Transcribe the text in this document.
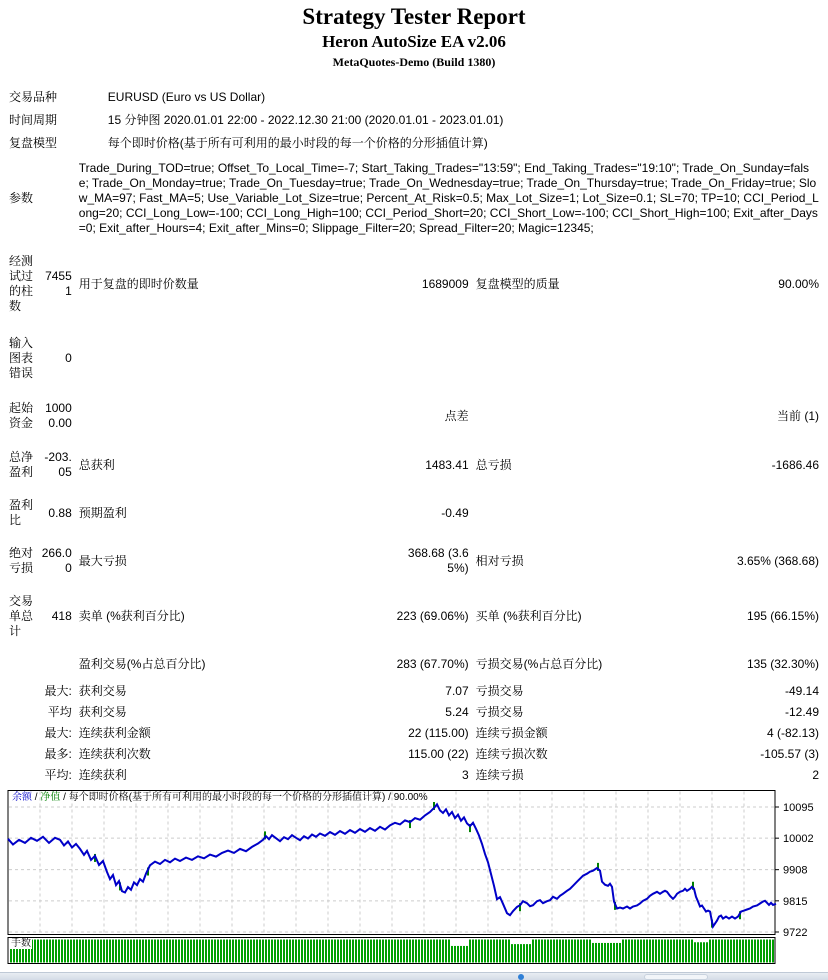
Strategy Tester Report
Heron AutoSize EA v2.06
MetaQuotes-Demo (Build 1380)
交易品种		EURUSD (Euro vs US Dollar)			
时间周期		15 分钟图 2020.01.01 22:00 - 2022.12.30 21:00 (2020.01.01 - 2023.01.01)			
复盘模型		每个即时价格(基于所有可利用的最小时段的每一个价格的分形插值计算)			
参数		Trade_During_TOD=true; Offset_To_Local_Time=-7; Start_Taking_Trades="13:59"; End_Taking_Trades="19:10"; Trade_On_Sunday=false; Trade_On_Monday=true; Trade_On_Tuesday=true; Trade_On_Wednesday=true; Trade_On_Thursday=true; Trade_On_Friday=true; Slow_MA=97; Fast_MA=5; Use_Variable_Lot_Size=true; Percent_At_Risk=0.5; Max_Lot_Size=1; Lot_Size=0.1; SL=70; TP=10; CCI_Period_Long=20; CCI_Long_Low=-100; CCI_Long_High=100; CCI_Period_Short=20; CCI_Short_Low=-100; CCI_Short_High=100; Exit_after_Days=0; Exit_after_Hours=4; Exit_after_Mins=0; Slippage_Filter=20; Spread_Filter=20; Magic=12345;			
经测试过的柱数	74551	用于复盘的即时价数量	1689009	复盘模型的质量	90.00%
输入图表错误	0				
起始资金	10000.00		点差		当前 (1)
总净盈利	-203.05	总获利	1483.41	总亏损	-1686.46
盈利比	0.88	预期盈利	-0.49		
绝对亏损	266.00	最大亏损	368.68 (3.65%)	相对亏损	3.65% (368.68)
交易单总计	418	卖单 (%获利百分比)	223 (69.06%)	买单 (%获利百分比)	195 (66.15%)
		盈利交易(%占总百分比)	283 (67.70%)	亏损交易(%占总百分比)	135 (32.30%)
	最大:	获利交易	7.07	亏损交易	-49.14
	平均	获利交易	5.24	亏损交易	-12.49
	最大:	连续获利金额	22 (115.00)	连续亏损金额	4 (-82.13)
	最多:	连续获利次数	115.00 (22)	连续亏损次数	-105.57 (3)
	平均:	连续获利	3	连续亏损	2
10095
10002
9908
9815
9722
余额 / 净值 / 每个即时价格(基于所有可利用的最小时段的每一个价格的分形插值计算) / 90.00%
手数
